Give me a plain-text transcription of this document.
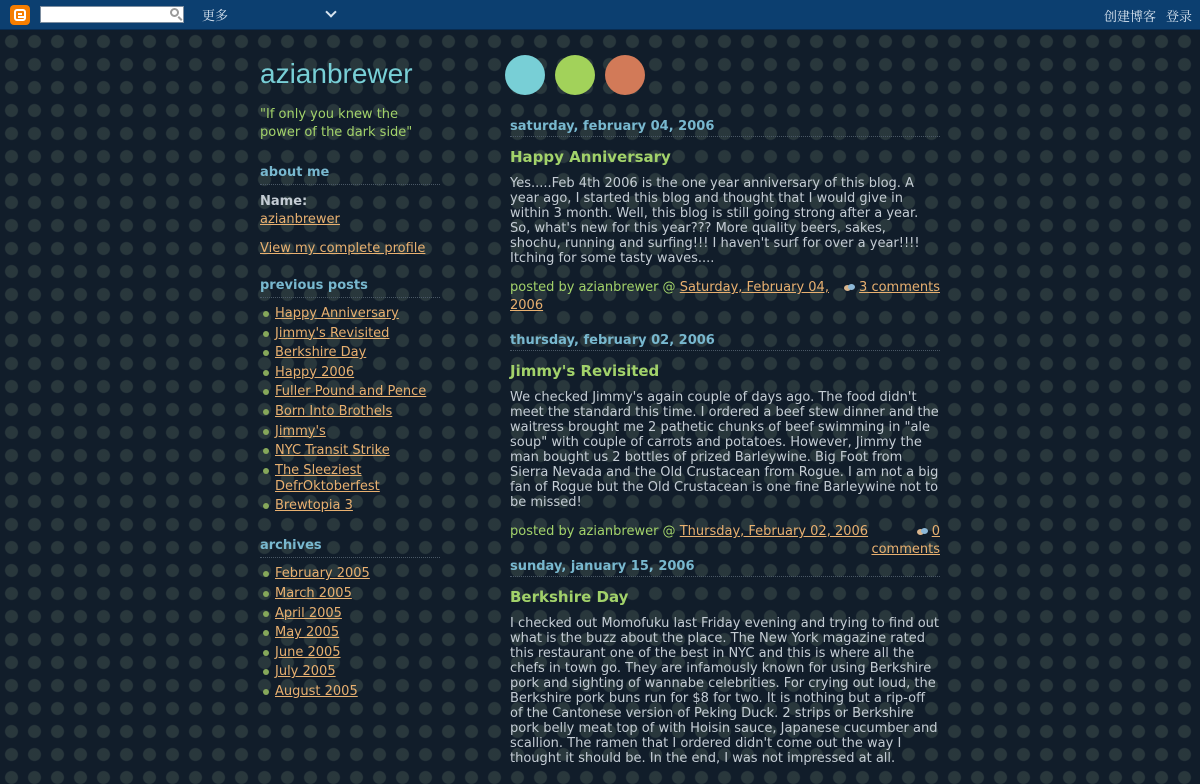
更多	创建博客 登录
azianbrewer
"If only you knew the power of the dark side"
about me
Name:
azianbrewer
View my complete profile
previous posts
Happy Anniversary
Jimmy's Revisited
Berkshire Day
Happy 2006
Fuller Pound and Pence
Born Into Brothels
Jimmy's
NYC Transit Strike
The Sleeziest DefrOktoberfest
Brewtopia 3
archives
February 2005
March 2005
April 2005
May 2005
June 2005
July 2005
August 2005
saturday, february 04, 2006
Happy Anniversary
Yes.....Feb 4th 2006 is the one year anniversary of this blog. A year ago, I started this blog and thought that I would give in within 3 month. Well, this blog is still going strong after a year. So, what's new for this year??? More quality beers, sakes, shochu, running and surfing!!! I haven't surf for over a year!!!! Itching for some tasty waves....
3 comments
posted by azianbrewer @ Saturday, February 04, 2006
thursday, february 02, 2006
Jimmy's Revisited
We checked Jimmy's again couple of days ago. The food didn't meet the standard this time. I ordered a beef stew dinner and the waitress brought me 2 pathetic chunks of beef swimming in "ale soup" with couple of carrots and potatoes. However, Jimmy the man bought us 2 bottles of prized Barleywine. Big Foot from Sierra Nevada and the Old Crustacean from Rogue. I am not a big fan of Rogue but the Old Crustacean is one fine Barleywine not to be missed!
0
comments
posted by azianbrewer @ Thursday, February 02, 2006
sunday, january 15, 2006
Berkshire Day
I checked out Momofuku last Friday evening and trying to find out what is the buzz about the place. The New York magazine rated this restaurant one of the best in NYC and this is where all the chefs in town go. They are infamously known for using Berkshire pork and sighting of wannabe celebrities. For crying out loud, the Berkshire pork buns run for $8 for two. It is nothing but a rip-off of the Cantonese version of Peking Duck. 2 strips or Berkshire pork belly meat top of with Hoisin sauce, Japanese cucumber and scallion. The ramen that I ordered didn't come out the way I thought it should be. In the end, I was not impressed at all.
